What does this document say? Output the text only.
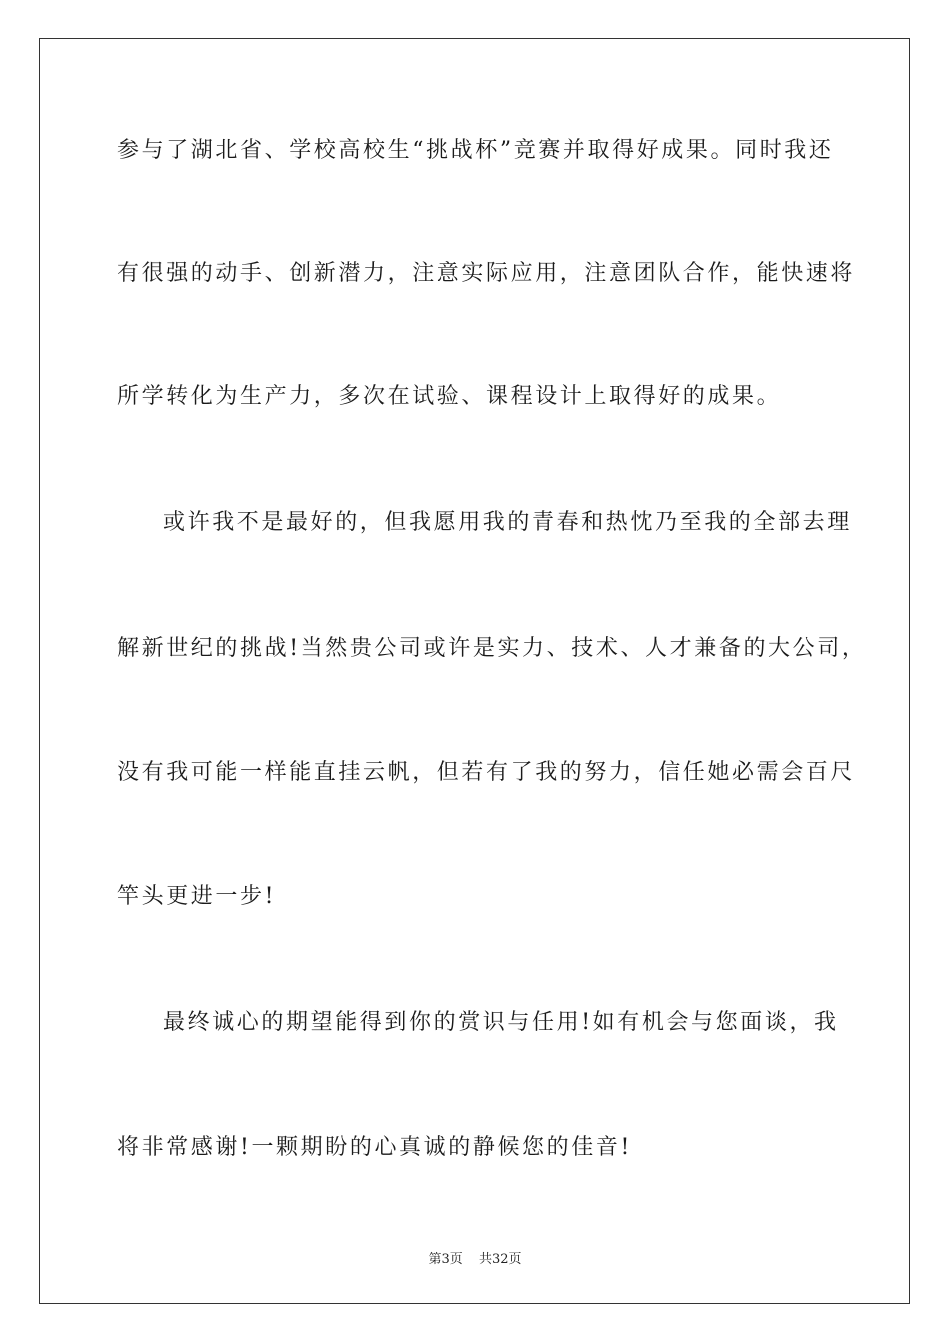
参与了湖北省、学校高校生“挑战杯”竞赛并取得好成果。同时我还
有很强的动手、创新潜力，注意实际应用，注意团队合作，能快速将
所学转化为生产力，多次在试验、课程设计上取得好的成果。
或许我不是最好的，但我愿用我的青春和热忱乃至我的全部去理
解新世纪的挑战!当然贵公司或许是实力、技术、人才兼备的大公司，
没有我可能一样能直挂云帆，但若有了我的努力，信任她必需会百尺
竿头更进一步!
最终诚心的期望能得到你的赏识与任用!如有机会与您面谈，我
将非常感谢!一颗期盼的心真诚的静候您的佳音!
第3页 共32页
